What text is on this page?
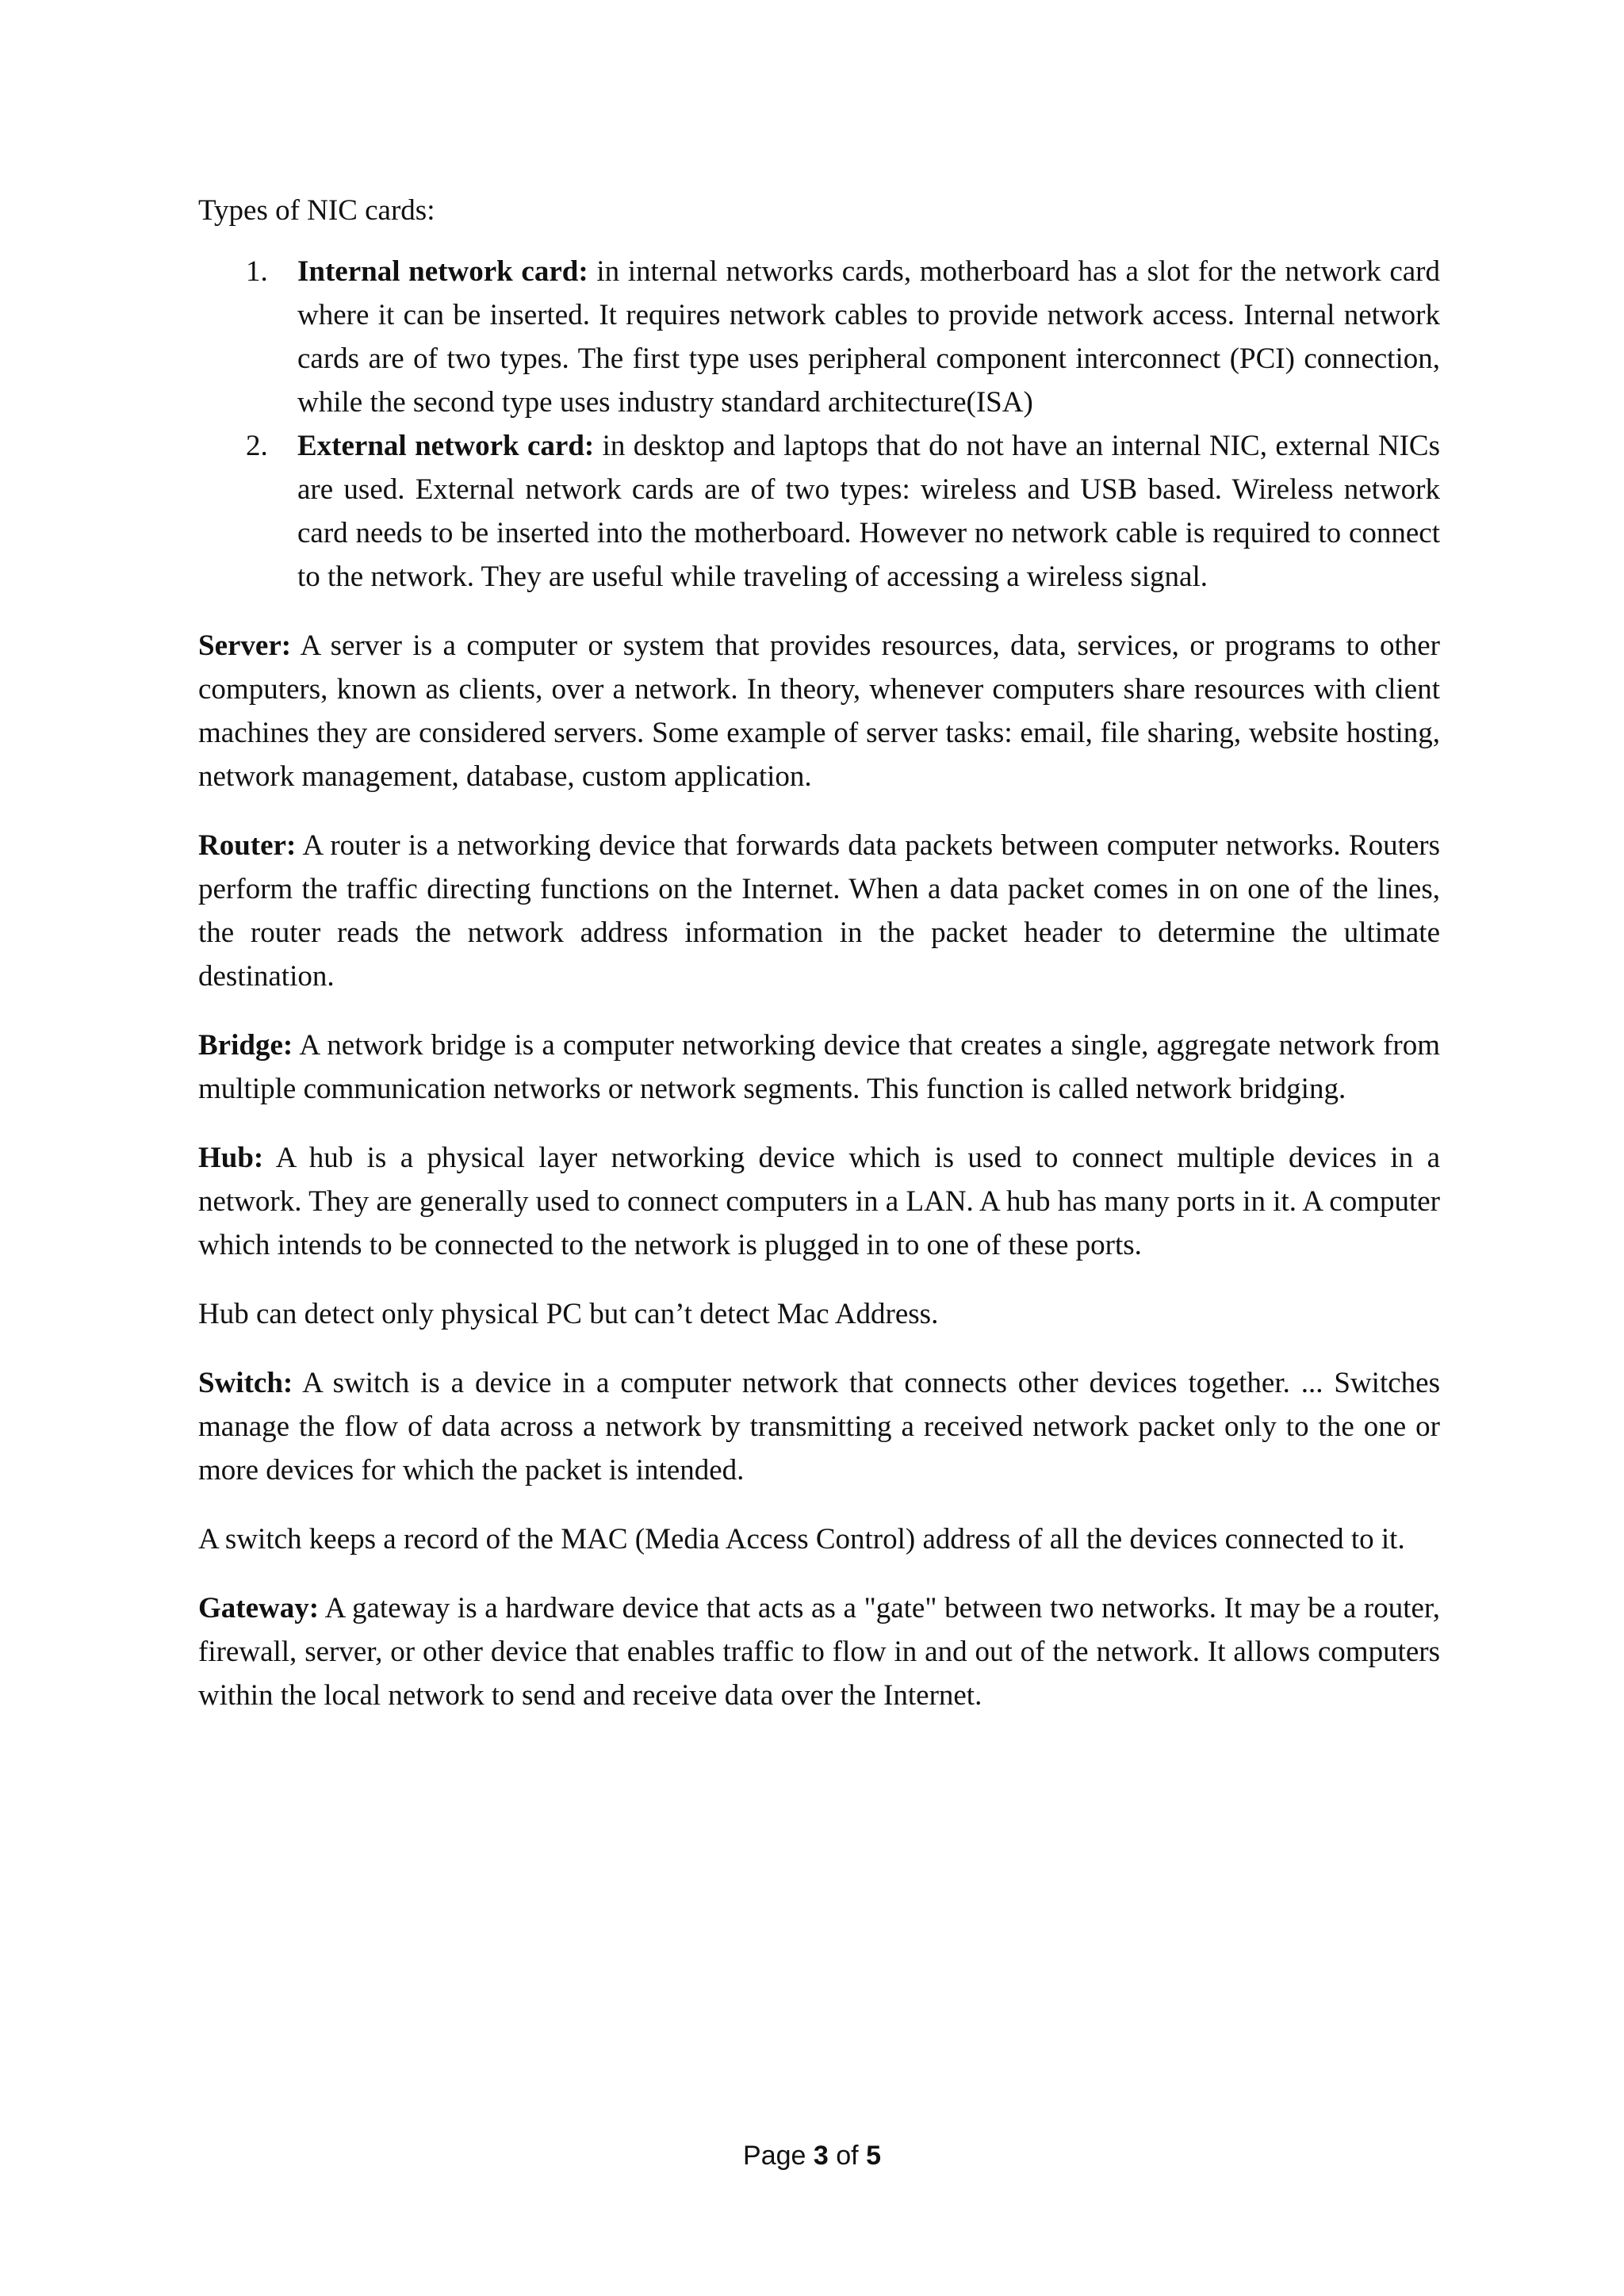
Types of NIC cards:

1. Internal network card: in internal networks cards, motherboard has a slot for the network card where it can be inserted. It requires network cables to provide network access. Internal network cards are of two types. The first type uses peripheral component interconnect (PCI) connection, while the second type uses industry standard architecture(ISA)
2. External network card: in desktop and laptops that do not have an internal NIC, external NICs are used. External network cards are of two types: wireless and USB based. Wireless network card needs to be inserted into the motherboard. However no network cable is required to connect to the network. They are useful while traveling of accessing a wireless signal.

Server: A server is a computer or system that provides resources, data, services, or programs to other computers, known as clients, over a network. In theory, whenever computers share resources with client machines they are considered servers. Some example of server tasks: email, file sharing, website hosting, network management, database, custom application.

Router: A router is a networking device that forwards data packets between computer networks. Routers perform the traffic directing functions on the Internet. When a data packet comes in on one of the lines, the router reads the network address information in the packet header to determine the ultimate destination.

Bridge: A network bridge is a computer networking device that creates a single, aggregate network from multiple communication networks or network segments. This function is called network bridging.

Hub: A hub is a physical layer networking device which is used to connect multiple devices in a network. They are generally used to connect computers in a LAN. A hub has many ports in it. A computer which intends to be connected to the network is plugged in to one of these ports.

Hub can detect only physical PC but can’t detect Mac Address.

Switch: A switch is a device in a computer network that connects other devices together. ... Switches manage the flow of data across a network by transmitting a received network packet only to the one or more devices for which the packet is intended.

A switch keeps a record of the MAC (Media Access Control) address of all the devices connected to it.

Gateway: A gateway is a hardware device that acts as a "gate" between two networks. It may be a router, firewall, server, or other device that enables traffic to flow in and out of the network. It allows computers within the local network to send and receive data over the Internet.

Page 3 of 5
